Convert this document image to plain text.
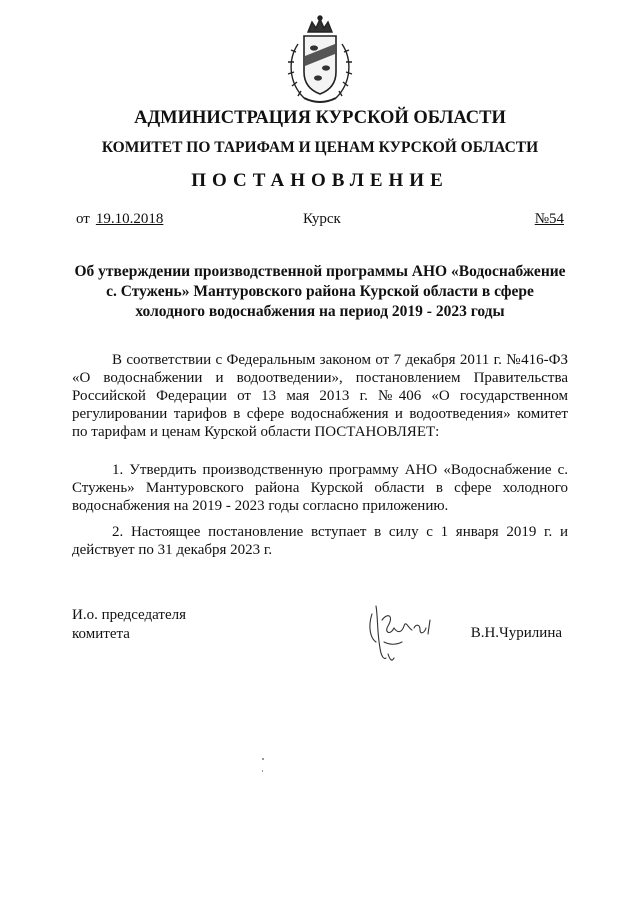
АДМИНИСТРАЦИЯ КУРСКОЙ ОБЛАСТИ
КОМИТЕТ ПО ТАРИФАМ И ЦЕНАМ КУРСКОЙ ОБЛАСТИ
ПОСТАНОВЛЕНИЕ
от 19.10.2018	Курск	№54
Об утверждении производственной программы АНО «Водоснабжение с. Стужень» Мантуровского района Курской области в сфере холодного водоснабжения на период 2019 - 2023 годы
В соответствии с Федеральным законом от 7 декабря 2011 г. №416-ФЗ «О водоснабжении и водоотведении», постановлением Правительства Российской Федерации от 13 мая 2013 г. №406 «О государственном регулировании тарифов в сфере водоснабжения и водоотведения» комитет по тарифам и ценам Курской области ПОСТАНОВЛЯЕТ:
1. Утвердить производственную программу АНО «Водоснабжение с. Стужень» Мантуровского района Курской области в сфере холодного водоснабжения на 2019 - 2023 годы согласно приложению.
2. Настоящее постановление вступает в силу с 1 января 2019 г. и действует по 31 декабря 2023 г.
И.о. председателя
комитета	В.Н.Чурилина
